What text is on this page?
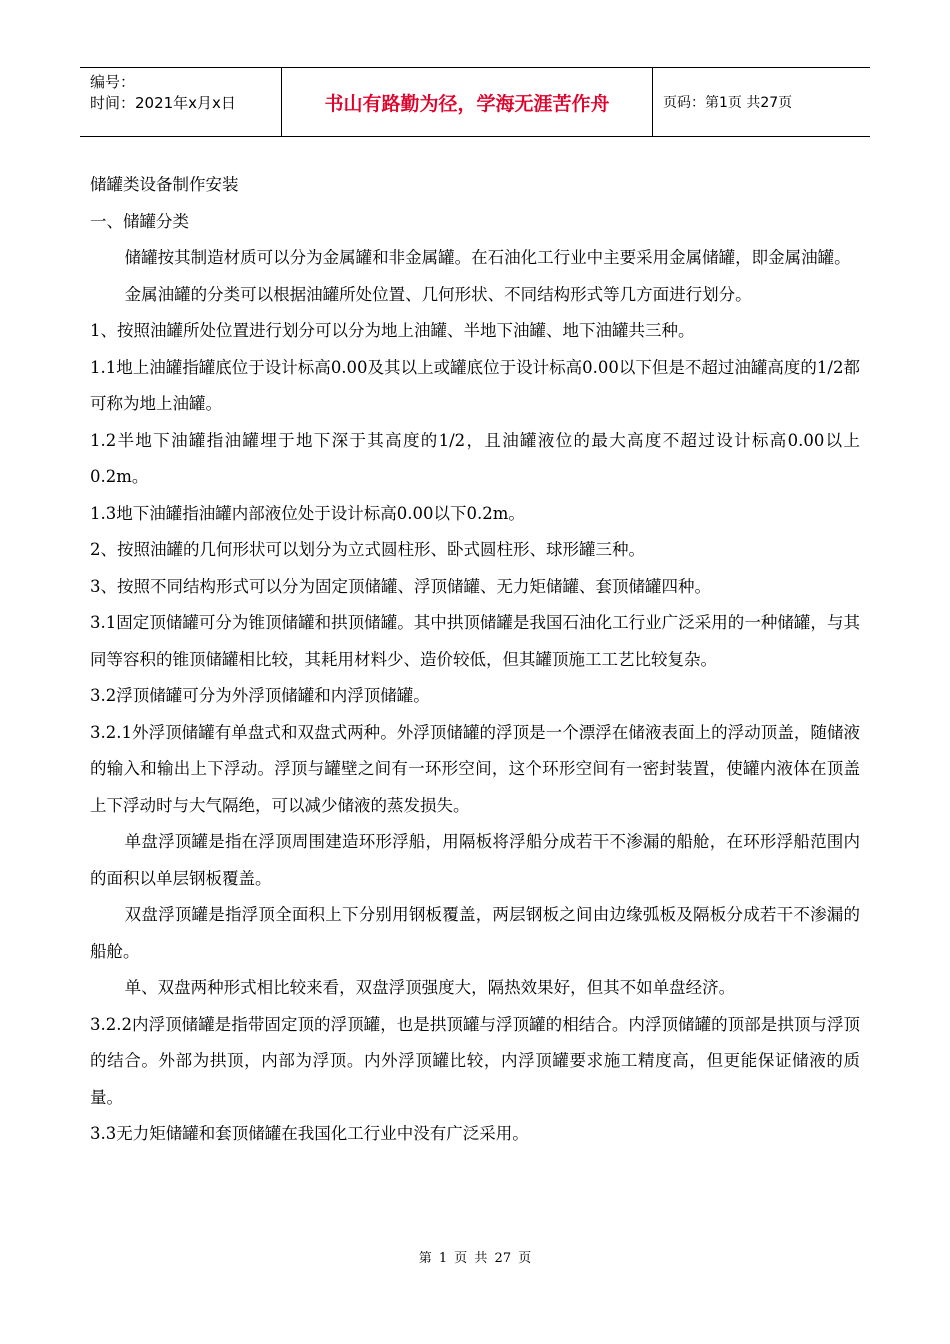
编号：
时间：2021年x月x日	书山有路勤为径，学海无涯苦作舟	页码：第1页 共27页

储罐类设备制作安装

一、储罐分类

储罐按其制造材质可以分为金属罐和非金属罐。在石油化工行业中主要采用金属储罐，即金属油罐。

金属油罐的分类可以根据油罐所处位置、几何形状、不同结构形式等几方面进行划分。

1、按照油罐所处位置进行划分可以分为地上油罐、半地下油罐、地下油罐共三种。

1.1地上油罐指罐底位于设计标高0.00及其以上或罐底位于设计标高0.00以下但是不超过油罐高度的1/2都可称为地上油罐。

1.2半地下油罐指油罐埋于地下深于其高度的1/2，且油罐液位的最大高度不超过设计标高0.00以上0.2m。

1.3地下油罐指油罐内部液位处于设计标高0.00以下0.2m。

2、按照油罐的几何形状可以划分为立式圆柱形、卧式圆柱形、球形罐三种。

3、按照不同结构形式可以分为固定顶储罐、浮顶储罐、无力矩储罐、套顶储罐四种。

3.1固定顶储罐可分为锥顶储罐和拱顶储罐。其中拱顶储罐是我国石油化工行业广泛采用的一种储罐，与其同等容积的锥顶储罐相比较，其耗用材料少、造价较低，但其罐顶施工工艺比较复杂。

3.2浮顶储罐可分为外浮顶储罐和内浮顶储罐。

3.2.1外浮顶储罐有单盘式和双盘式两种。外浮顶储罐的浮顶是一个漂浮在储液表面上的浮动顶盖，随储液的输入和输出上下浮动。浮顶与罐壁之间有一环形空间，这个环形空间有一密封装置，使罐内液体在顶盖上下浮动时与大气隔绝，可以减少储液的蒸发损失。

单盘浮顶罐是指在浮顶周围建造环形浮船，用隔板将浮船分成若干不渗漏的船舱，在环形浮船范围内的面积以单层钢板覆盖。

双盘浮顶罐是指浮顶全面积上下分别用钢板覆盖，两层钢板之间由边缘弧板及隔板分成若干不渗漏的船舱。

单、双盘两种形式相比较来看，双盘浮顶强度大，隔热效果好，但其不如单盘经济。

3.2.2内浮顶储罐是指带固定顶的浮顶罐，也是拱顶罐与浮顶罐的相结合。内浮顶储罐的顶部是拱顶与浮顶的结合。外部为拱顶，内部为浮顶。内外浮顶罐比较，内浮顶罐要求施工精度高，但更能保证储液的质量。

3.3无力矩储罐和套顶储罐在我国化工行业中没有广泛采用。

第 1 页 共 27 页
